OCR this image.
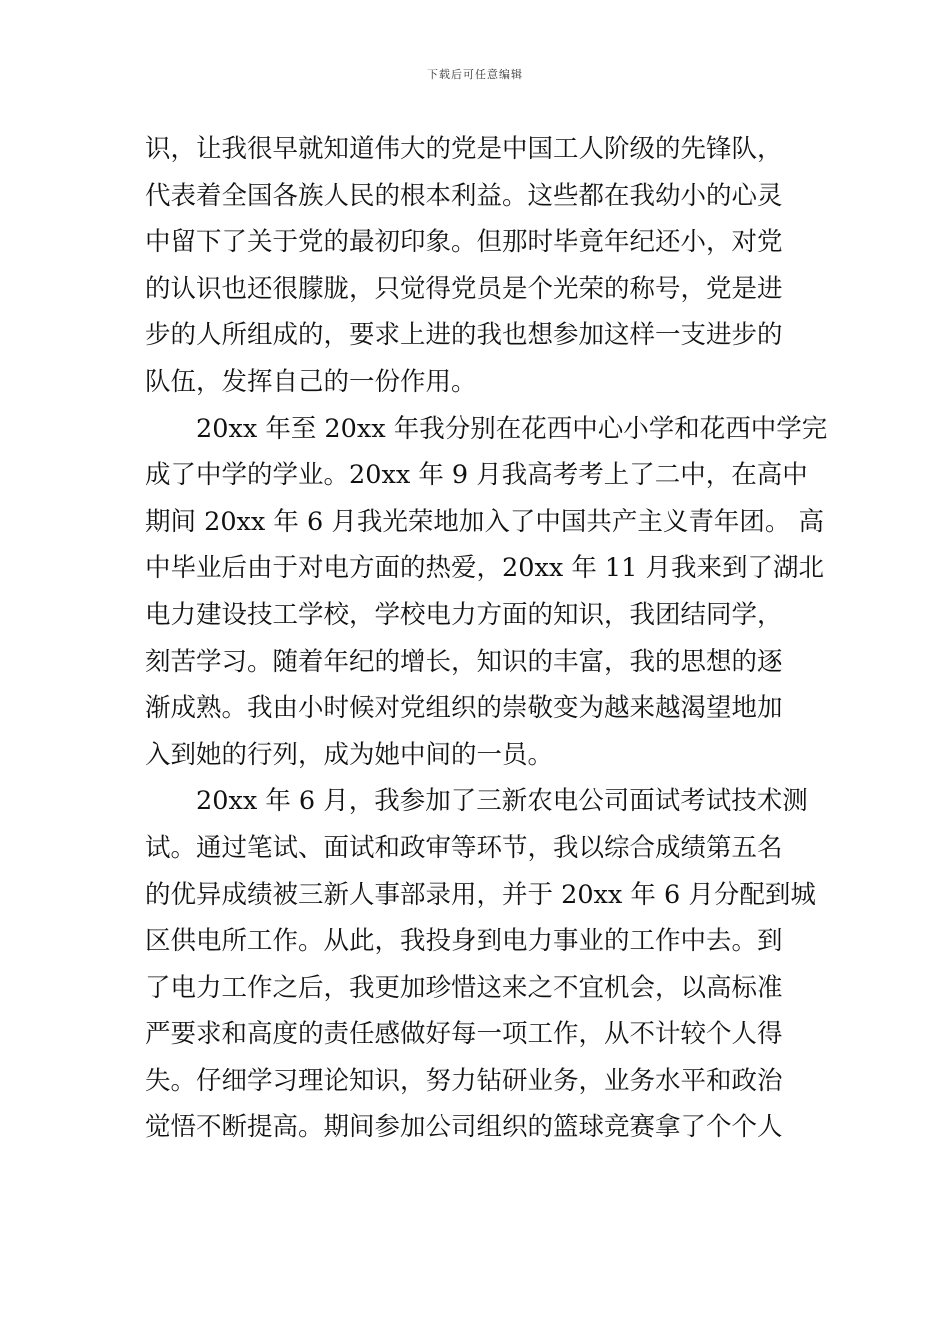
下载后可任意编辑

识，让我很早就知道伟大的党是中国工人阶级的先锋队，
代表着全国各族人民的根本利益。这些都在我幼小的心灵
中留下了关于党的最初印象。但那时毕竟年纪还小，对党
的认识也还很朦胧，只觉得党员是个光荣的称号，党是进
步的人所组成的，要求上进的我也想参加这样一支进步的
队伍，发挥自己的一份作用。

20xx 年至 20xx 年我分别在花西中心小学和花西中学完
成了中学的学业。20xx 年 9 月我高考考上了二中，在高中
期间 20xx 年 6 月我光荣地加入了中国共产主义青年团。 高
中毕业后由于对电方面的热爱，20xx 年 11 月我来到了湖北
电力建设技工学校，学校电力方面的知识，我团结同学，
刻苦学习。随着年纪的增长，知识的丰富，我的思想的逐
渐成熟。我由小时候对党组织的崇敬变为越来越渴望地加
入到她的行列，成为她中间的一员。

20xx 年 6 月，我参加了三新农电公司面试考试技术测
试。通过笔试、面试和政审等环节，我以综合成绩第五名
的优异成绩被三新人事部录用，并于 20xx 年 6 月分配到城
区供电所工作。从此，我投身到电力事业的工作中去。到
了电力工作之后，我更加珍惜这来之不宜机会，以高标准
严要求和高度的责任感做好每一项工作，从不计较个人得
失。仔细学习理论知识，努力钻研业务，业务水平和政治
觉悟不断提高。期间参加公司组织的篮球竞赛拿了个个人
